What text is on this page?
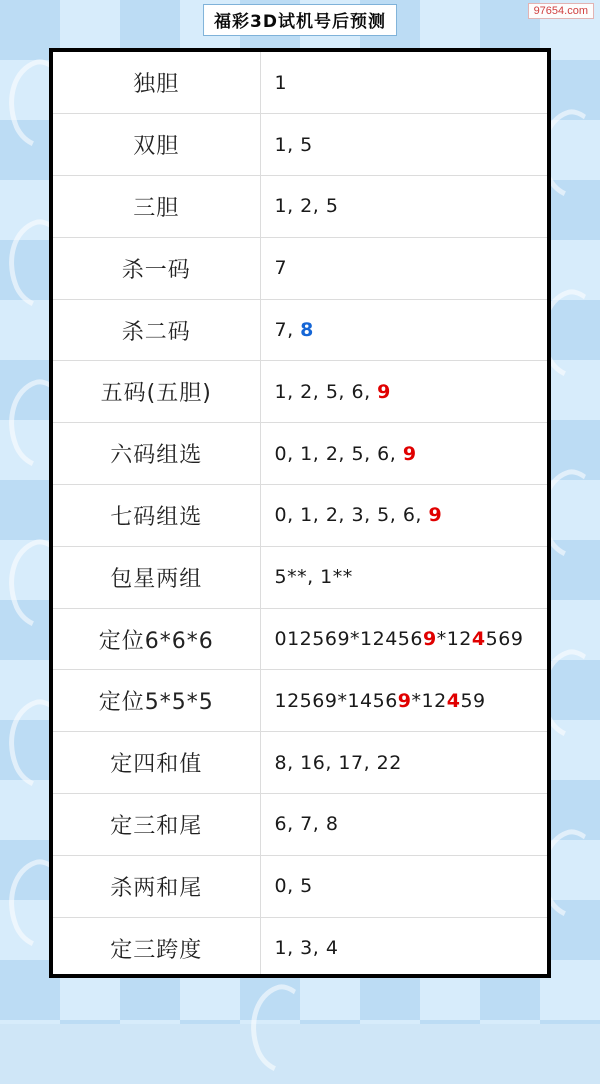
福彩3D试机号后预测
97654.com
独胆	1
双胆	1, 5
三胆	1, 2, 5
杀一码	7
杀二码	7, 8
五码(五胆)	1, 2, 5, 6, 9
六码组选	0, 1, 2, 5, 6, 9
七码组选	0, 1, 2, 3, 5, 6, 9
包星两组	5**, 1**
定位6*6*6	012569*124569*124569
定位5*5*5	12569*14569*12459
定四和值	8, 16, 17, 22
定三和尾	6, 7, 8
杀两和尾	0, 5
定三跨度	1, 3, 4
